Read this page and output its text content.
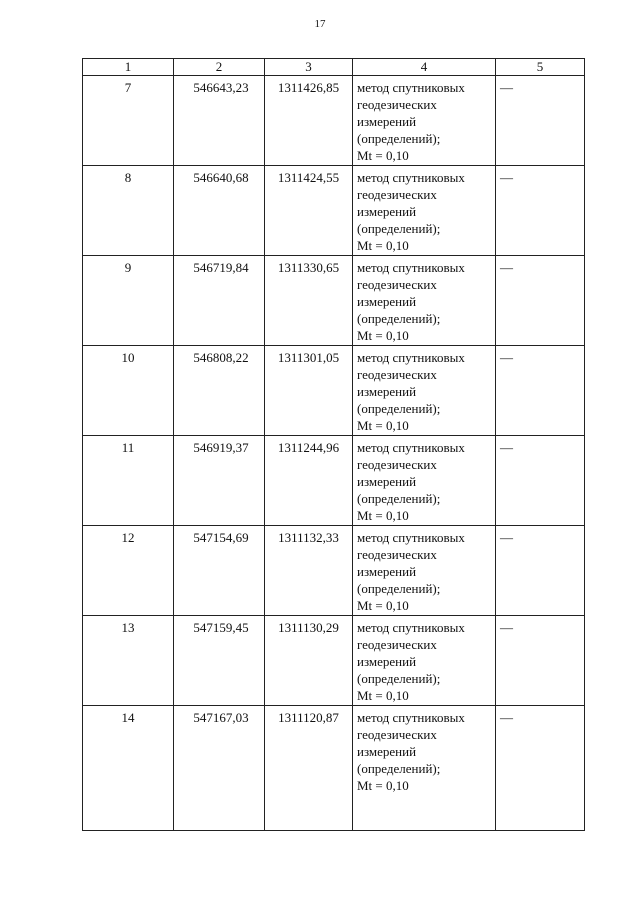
17
1	2	3	4	5
7	546643,23	1311426,85	метод спутниковых
геодезических
измерений
(определений);
Mt = 0,10	—
8	546640,68	1311424,55	метод спутниковых
геодезических
измерений
(определений);
Mt = 0,10	—
9	546719,84	1311330,65	метод спутниковых
геодезических
измерений
(определений);
Mt = 0,10	—
10	546808,22	1311301,05	метод спутниковых
геодезических
измерений
(определений);
Mt = 0,10	—
11	546919,37	1311244,96	метод спутниковых
геодезических
измерений
(определений);
Mt = 0,10	—
12	547154,69	1311132,33	метод спутниковых
геодезических
измерений
(определений);
Mt = 0,10	—
13	547159,45	1311130,29	метод спутниковых
геодезических
измерений
(определений);
Mt = 0,10	—
14	547167,03	1311120,87	метод спутниковых
геодезических
измерений
(определений);
Mt = 0,10	—
